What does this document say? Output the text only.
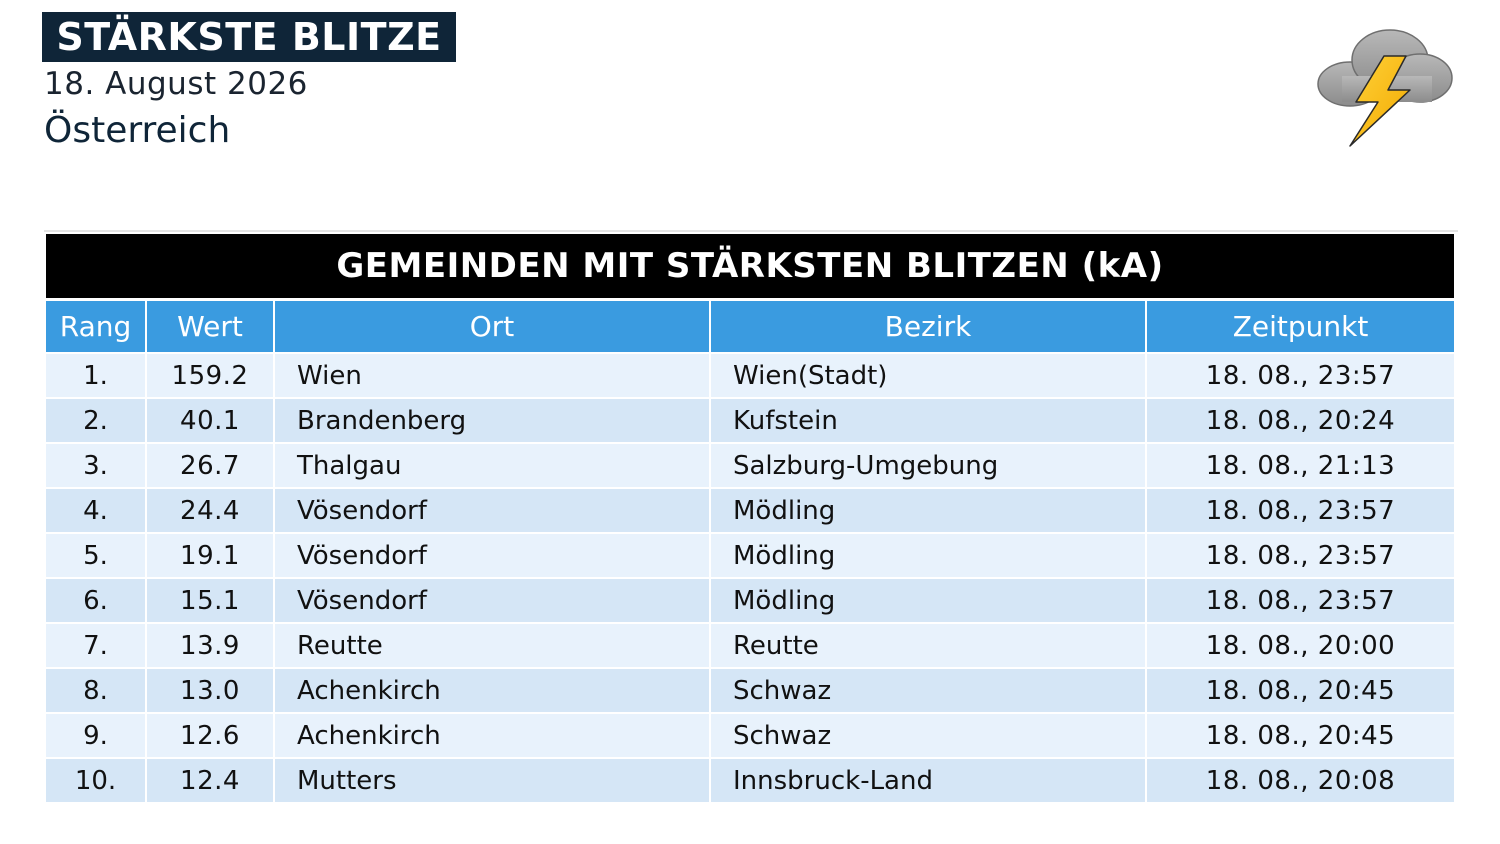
STÄRKSTE BLITZE
18. August 2026
Österreich
GEMEINDEN MIT STÄRKSTEN BLITZEN (kA)
Rang	Wert	Ort	Bezirk	Zeitpunkt
1.	159.2	Wien	Wien(Stadt)	18. 08., 23:57
2.	40.1	Brandenberg	Kufstein	18. 08., 20:24
3.	26.7	Thalgau	Salzburg-Umgebung	18. 08., 21:13
4.	24.4	Vösendorf	Mödling	18. 08., 23:57
5.	19.1	Vösendorf	Mödling	18. 08., 23:57
6.	15.1	Vösendorf	Mödling	18. 08., 23:57
7.	13.9	Reutte	Reutte	18. 08., 20:00
8.	13.0	Achenkirch	Schwaz	18. 08., 20:45
9.	12.6	Achenkirch	Schwaz	18. 08., 20:45
10.	12.4	Mutters	Innsbruck-Land	18. 08., 20:08
